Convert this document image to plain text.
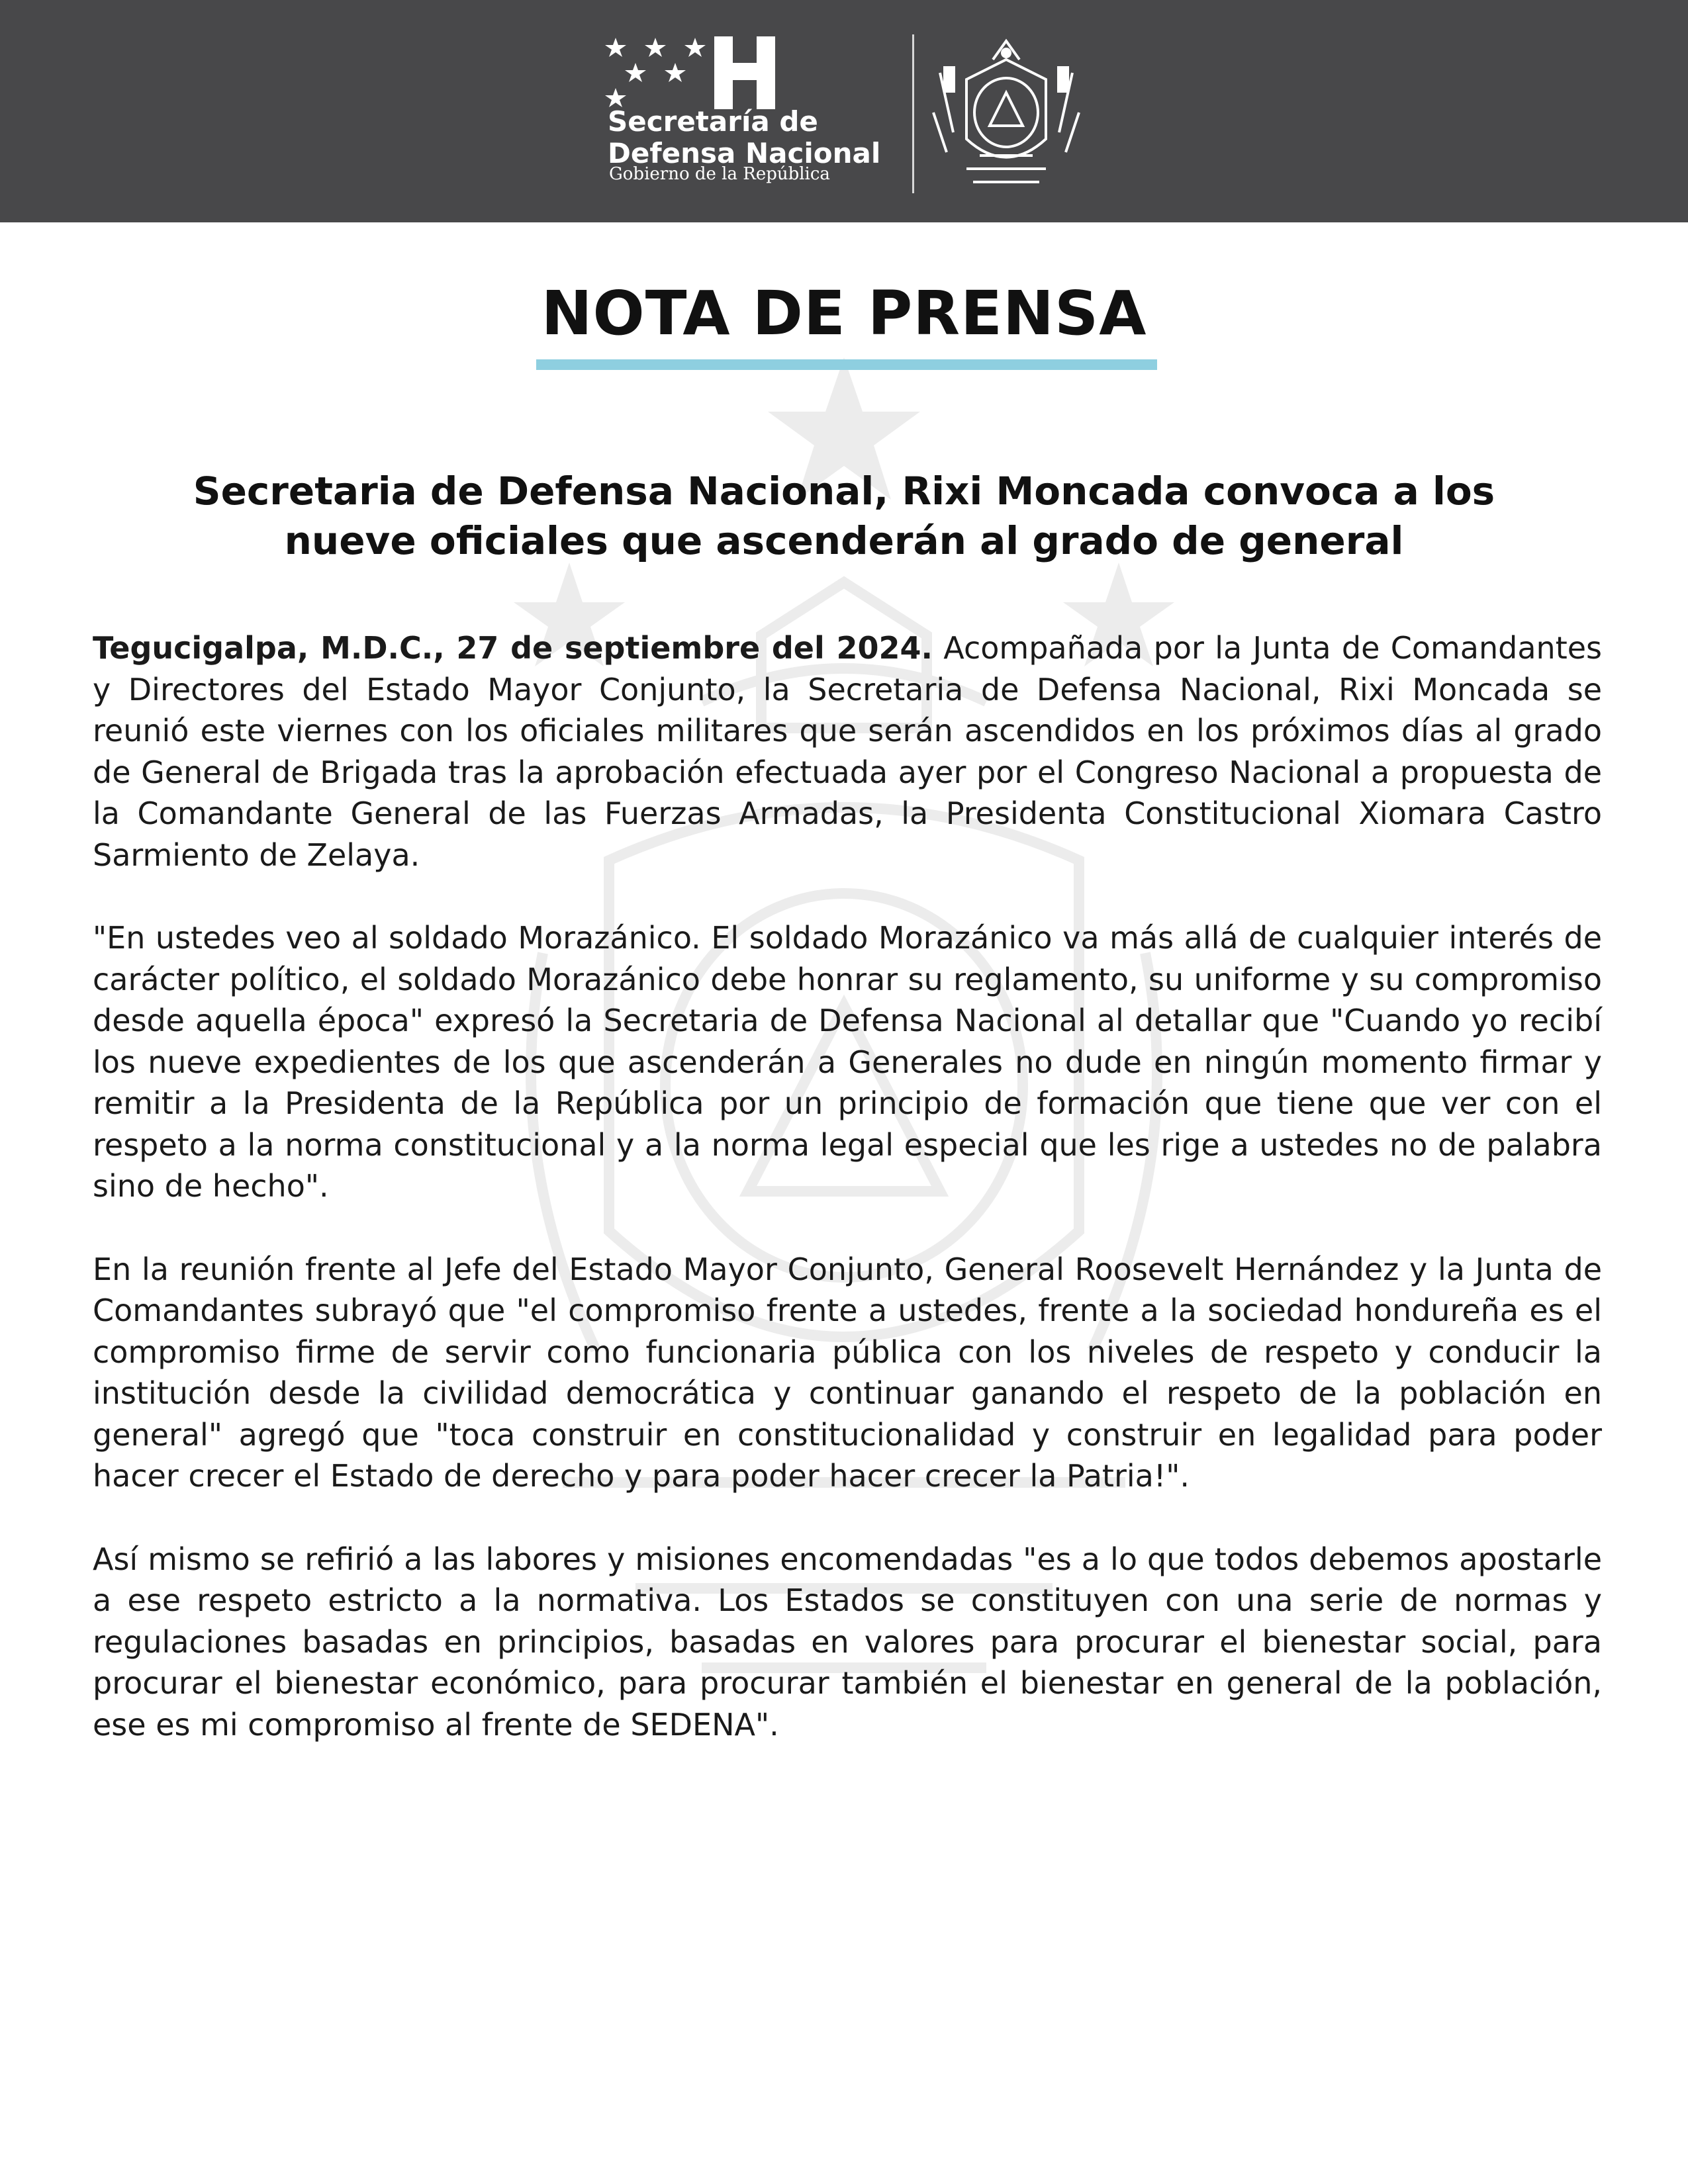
Secretaría de
Defensa Nacional
Gobierno de la República
NOTA DE PRENSA
Secretaria de Defensa Nacional, Rixi Moncada convoca a los
nueve oficiales que ascenderán al grado de general

Tegucigalpa, M.D.C., 27 de septiembre del 2024. Acompañada por la Junta de Comandantes y Directores del Estado Mayor Conjunto, la Secretaria de Defensa Nacional, Rixi Moncada se reunió este viernes con los oficiales militares que serán ascendidos en los próximos días al grado de General de Brigada tras la aprobación efectuada ayer por el Congreso Nacional a propuesta de la Comandante General de las Fuerzas Armadas, la Presidenta Constitucional Xiomara Castro Sarmiento de Zelaya.

"En ustedes veo al soldado Morazánico. El soldado Morazánico va más allá de cualquier interés de carácter político, el soldado Morazánico debe honrar su reglamento, su uniforme y su compromiso desde aquella época" expresó la Secretaria de Defensa Nacional al detallar que "Cuando yo recibí los nueve expedientes de los que ascenderán a Generales no dude en ningún momento firmar y remitir a la Presidenta de la República por un principio de formación que tiene que ver con el respeto a la norma constitucional y a la norma legal especial que les rige a ustedes no de palabra sino de hecho".

En la reunión frente al Jefe del Estado Mayor Conjunto, General Roosevelt Hernández y la Junta de Comandantes subrayó que "el compromiso frente a ustedes, frente a la sociedad hondureña es el compromiso firme de servir como funcionaria pública con los niveles de respeto y conducir la institución desde la civilidad democrática y continuar ganando el respeto de la población en general" agregó que "toca construir en constitucionalidad y construir en legalidad para poder hacer crecer el Estado de derecho y para poder hacer crecer la Patria!".

Así mismo se refirió a las labores y misiones encomendadas "es a lo que todos debemos apostarle a ese respeto estricto a la normativa. Los Estados se constituyen con una serie de normas y regulaciones basadas en principios, basadas en valores para procurar el bienestar social, para procurar el bienestar económico, para procurar también el bienestar en general de la población, ese es mi compromiso al frente de SEDENA".
